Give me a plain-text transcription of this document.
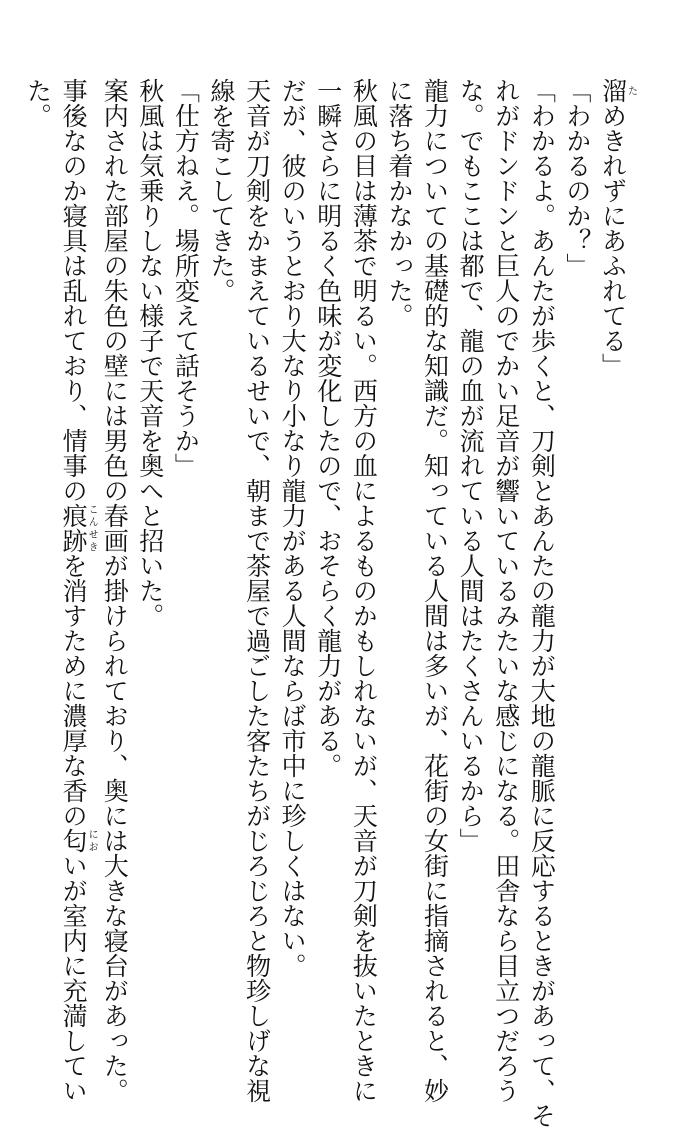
溜ためきれずにあふれてる」

「わかるのか？」

「わかるよ。あんたが歩くと、刀剣とあんたの龍力が大地の龍脈に反応するときがあって、そ

れがドンドンと巨人のでかい足音が響いているみたいな感じになる。田舎なら目立つだろう

な。でもここは都で、龍の血が流れている人間はたくさんいるから」

龍力についての基礎的な知識だ。知っている人間は多いが、花街の女街に指摘されると、妙

に落ち着かなかった。

秋風の目は薄茶で明るい。西方の血によるものかもしれないが、天音が刀剣を抜いたときに

一瞬さらに明るく色味が変化したので、おそらく龍力がある。

だが、彼のいうとおり大なり小なり龍力がある人間ならば市中に珍しくはない。

天音が刀剣をかまえているせいで、朝まで茶屋で過ごした客たちがじろじろと物珍しげな視

線を寄こしてきた。

「仕方ねえ。場所変えて話そうか」

秋風は気乗りしない様子で天音を奥へと招いた。

案内された部屋の朱色の壁には男色の春画が掛けられており、奥には大きな寝台があった。

事後なのか寝具は乱れており、情事の痕跡こんせきを消すために濃厚な香の匂においが室内に充満してい

た。
